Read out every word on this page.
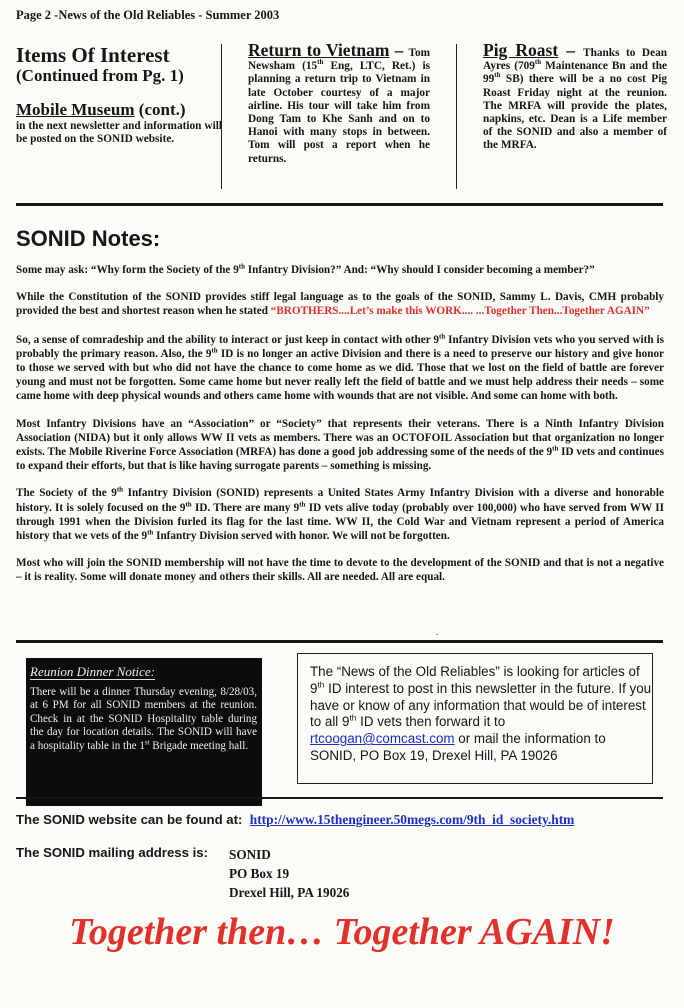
Page 2 -News of the Old Reliables - Summer 2003
Items Of Interest
(Continued from Pg. 1)
Mobile Museum (cont.)
in the next newsletter and information will be posted on the SONID website.
Return to Vietnam – Tom Newsham (15th Eng, LTC, Ret.) is planning a return trip to Vietnam in late October courtesy of a major airline. His tour will take him from Dong Tam to Khe Sanh and on to Hanoi with many stops in between. Tom will post a report when he returns.
Pig Roast – Thanks to Dean Ayres (709th Maintenance Bn and the 99th SB) there will be a no cost Pig Roast Friday night at the reunion. The MRFA will provide the plates, napkins, etc. Dean is a Life member of the SONID and also a member of the MRFA.
SONID Notes:

Some may ask: “Why form the Society of the 9th Infantry Division?” And: “Why should I consider becoming a member?”

While the Constitution of the SONID provides stiff legal language as to the goals of the SONID, Sammy L. Davis, CMH probably provided the best and shortest reason when he stated “BROTHERS....Let’s make this WORK.... ...Together Then...Together AGAIN”

So, a sense of comradeship and the ability to interact or just keep in contact with other 9th Infantry Division vets who you served with is probably the primary reason. Also, the 9th ID is no longer an active Division and there is a need to preserve our history and give honor to those we served with but who did not have the chance to come home as we did. Those that we lost on the field of battle are forever young and must not be forgotten. Some came home but never really left the field of battle and we must help address their needs – some came home with deep physical wounds and others came home with wounds that are not visible. And some can home with both.

Most Infantry Divisions have an “Association” or “Society” that represents their veterans. There is a Ninth Infantry Division Association (NIDA) but it only allows WW II vets as members. There was an OCTOFOIL Association but that organization no longer exists. The Mobile Riverine Force Association (MRFA) has done a good job addressing some of the needs of the 9th ID vets and continues to expand their efforts, but that is like having surrogate parents – something is missing.

The Society of the 9th Infantry Division (SONID) represents a United States Army Infantry Division with a diverse and honorable history. It is solely focused on the 9th ID. There are many 9th ID vets alive today (probably over 100,000) who have served from WW II through 1991 when the Division furled its flag for the last time. WW II, the Cold War and Vietnam represent a period of America history that we vets of the 9th Infantry Division served with honor. We will not be forgotten.

Most who will join the SONID membership will not have the time to devote to the development of the SONID and that is not a negative – it is reality. Some will donate money and others their skills. All are needed. All are equal.

.
Reunion Dinner Notice:
There will be a dinner Thursday evening, 8/28/03, at 6 PM for all SONID members at the reunion. Check in at the SONID Hospitality table during the day for location details. The SONID will have a hospitality table in the 1st Brigade meeting hall.
The “News of the Old Reliables” is looking for articles of 9th ID interest to post in this newsletter in the future. If you have or know of any information that would be of interest to all 9th ID vets then forward it to rtcoogan@comcast.com or mail the information to SONID, PO Box 19, Drexel Hill, PA 19026
The SONID website can be found at: http://www.15thengineer.50megs.com/9th_id_society.htm
The SONID mailing address is: SONID
PO Box 19
Drexel Hill, PA 19026
Together then… Together AGAIN!
